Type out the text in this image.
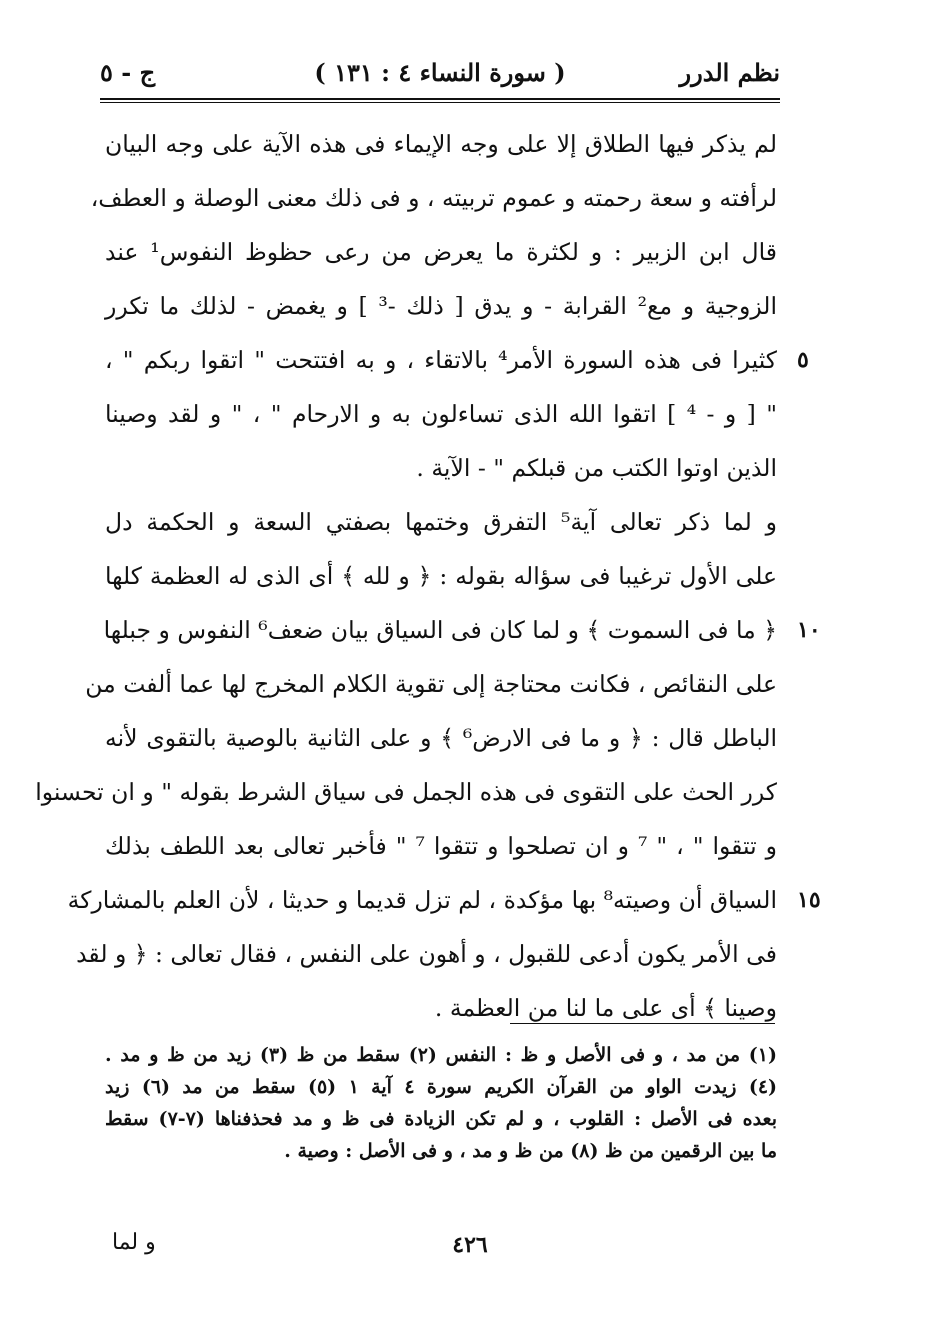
نظم الدرر
( سورة النساء ٤ : ١٣١ )
ج - ٥
لم يذكر فيها الطلاق إلا على وجه الإيماء فى هذه الآية على وجه البيان
لرأفته و سعة رحمته و عموم تربيته ، و فى ذلك معنى الوصلة و العطف،
قال ابن الزبير : و لكثرة ما يعرض من رعى حظوظ النفوس¹ عند
الزوجية و مع² القرابة - و يدق [ ذلك -³ ] و يغمض - لذلك ما تكرر
٥
كثيرا فى هذه السورة الأمر⁴ بالاتقاء ، و به افتتحت " اتقوا ربكم " ،
" [ و - ⁴ ] اتقوا الله الذى تساءلون به و الارحام " ، " و لقد وصينا
الذين اوتوا الكتب من قبلكم " - الآية .
و لما ذكر تعالى آية⁵ التفرق وختمها بصفتي السعة و الحكمة دل
على الأول ترغيبا فى سؤاله بقوله : ﴿ و لله ﴾ أى الذى له العظمة كلها
١٠
﴿ ما فى السموت ﴾ و لما كان فى السياق بيان ضعف⁶ النفوس و جبلها
على النقائص ، فكانت محتاجة إلى تقوية الكلام المخرج لها عما ألفت من
الباطل قال : ﴿ و ما فى الارض⁶ ﴾ و على الثانية بالوصية بالتقوى لأنه
كرر الحث على التقوى فى هذه الجمل فى سياق الشرط بقوله " و ان تحسنوا
و تتقوا " ، " ⁷ و ان تصلحوا و تتقوا ⁷ " فأخبر تعالى بعد اللطف بذلك
١٥
السياق أن وصيته⁸ بها مؤكدة ، لم تزل قديما و حديثا ، لأن العلم بالمشاركة
فى الأمر يكون أدعى للقبول ، و أهون على النفس ، فقال تعالى : ﴿ و لقد
وصينا ﴾ أى على ما لنا من العظمة .
(١) من مد ، و فى الأصل و ظ : النفس (٢) سقط من ظ (٣) زيد من ظ و مد .
(٤) زيدت الواو من القرآن الكريم سورة ٤ آية ١ (٥) سقط من مد (٦) زيد
بعده فى الأصل : القلوب ، و لم تكن الزيادة فى ظ و مد فحذفناها (٧-٧) سقط
ما بين الرقمين من ظ (٨) من ظ و مد ، و فى الأصل : وصية .
٤٢٦
و لما
